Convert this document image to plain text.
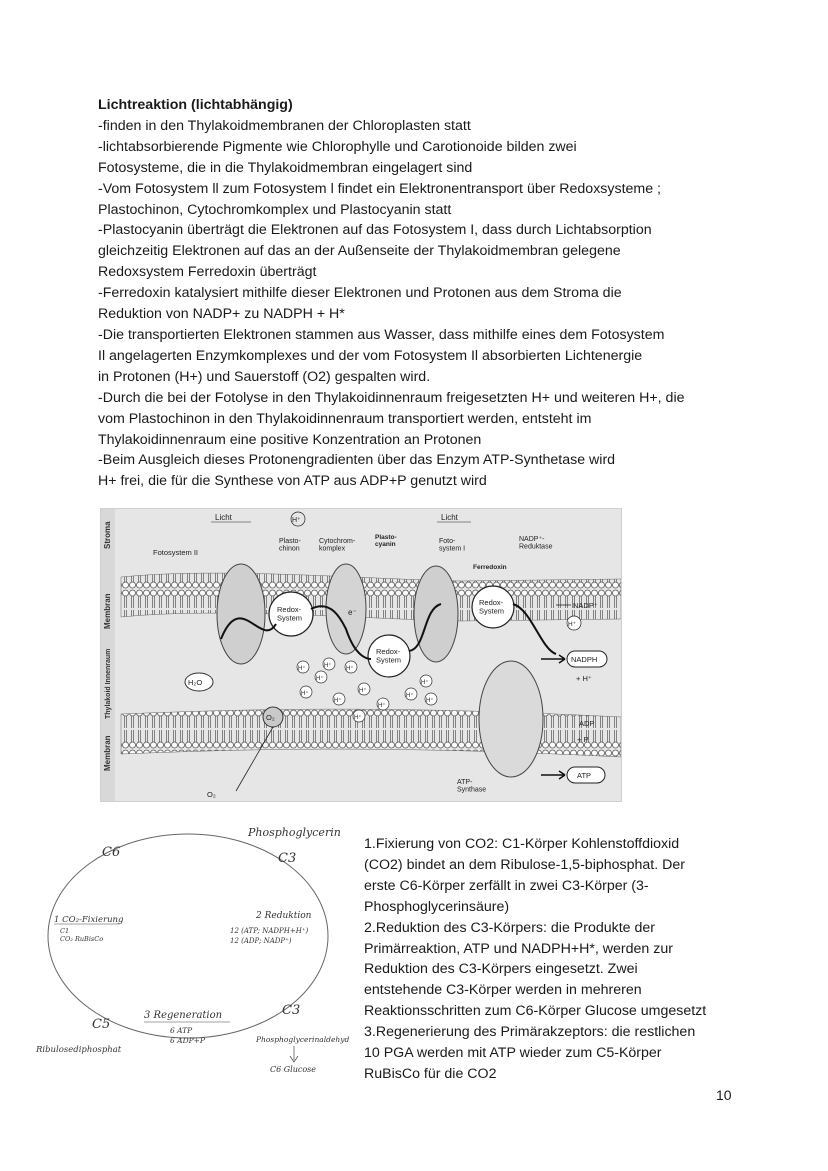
Lichtreaktion (lichtabhängig)
-finden in den Thylakoidmembranen der Chloroplasten statt
-lichtabsorbierende Pigmente wie Chlorophylle und Carotionoide bilden zwei
Fotosysteme, die in die Thylakoidmembran eingelagert sind
-Vom Fotosystem ll zum Fotosystem l findet ein Elektronentransport über Redoxsysteme ;
Plastochinon, Cytochromkomplex und Plastocyanin statt
-Plastocyanin überträgt die Elektronen auf das Fotosystem I, dass durch Lichtabsorption
gleichzeitig Elektronen auf das an der Außenseite der Thylakoidmembran gelegene
Redoxsystem Ferredoxin überträgt
-Ferredoxin katalysiert mithilfe dieser Elektronen und Protonen aus dem Stroma die
Reduktion von NADP+ zu NADPH + H*
-Die transportierten Elektronen stammen aus Wasser, dass mithilfe eines dem Fotosystem
Il angelagerten Enzymkomplexes und der vom Fotosystem Il absorbierten Lichtenergie
in Protonen (H+) und Sauerstoff (O2) gespalten wird.
-Durch die bei der Fotolyse in den Thylakoidinnenraum freigesetzten H+ und weiteren H+, die
vom Plastochinon in den Thylakoidinnenraum transportiert werden, entsteht im
Thylakoidinnenraum eine positive Konzentration an Protonen
-Beim Ausgleich dieses Protonengradienten über das Enzym ATP-Synthetase wird
H+ frei, die für die Synthese von ATP aus ADP+P genutzt wird
Stroma
Membran
Thylakoid Innenraum
Membran
Licht	H⁺	Licht
Fotosystem II
Plasto-chinon
Cytochrom-komplex
Plasto-cyanin	Foto-system I
NADP⁺-Reduktase
Ferredoxin
Redox-System
Redox-System
Redox-System
e⁻
H₂O
O₂
O₂
H⁺	H⁺ H⁺
H⁺
H⁺
H⁺
H⁺
H⁺
H⁺
H⁺
H⁺
H⁺
NADP⁺
H⁺
NADPH
+ H⁺
ADP
+ P
ATP
ATP-Synthase
Phosphoglycerin
C3
C6
1 CO₂-Fixierung
C1
CO₂ RuBisCo
2 Reduktion
12 (ATP; NADPH+H⁺)
12 (ADP; NADP⁺)
C3
3 Regeneration
6 ATP
6 ADP+P
C5
Ribulosediphosphat
Phosphoglycerinaldehyd
C6 Glucose
1.Fixierung von CO2: C1-Körper Kohlenstoffdioxid
(CO2) bindet an dem Ribulose-1,5-biphosphat. Der
erste C6-Körper zerfällt in zwei C3-Körper (3-
Phosphoglycerinsäure)
2.Reduktion des C3-Körpers: die Produkte der
Primärreaktion, ATP und NADPH+H*, werden zur
Reduktion des C3-Körpers eingesetzt. Zwei
entstehende C3-Körper werden in mehreren
Reaktionsschritten zum C6-Körper Glucose umgesetzt
3.Regenerierung des Primärakzeptors: die restlichen
10 PGA werden mit ATP wieder zum C5-Körper
RuBisCo für die CO2
10
